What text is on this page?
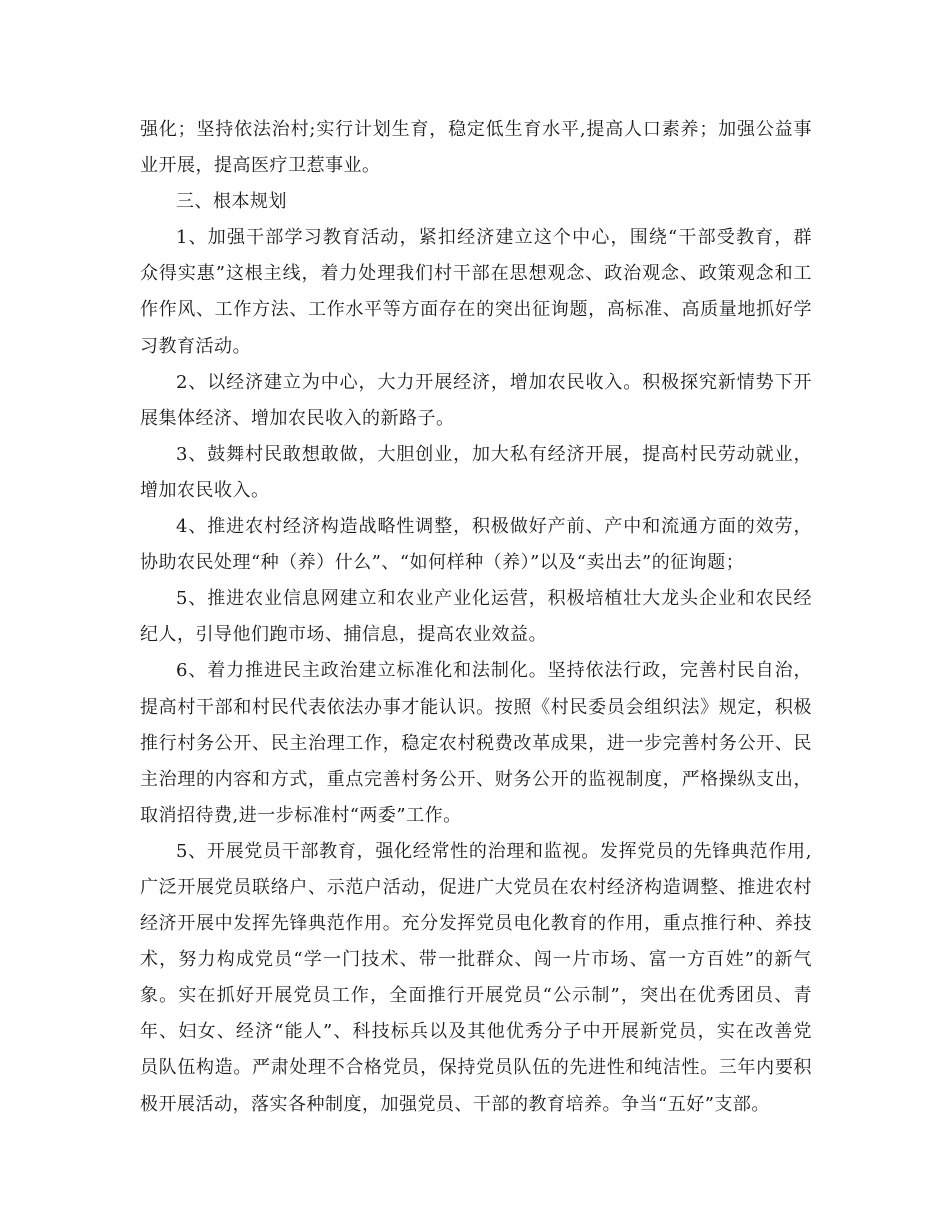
强化；坚持依法治村;实行计划生育，稳定低生育水平,提高人口素养；加强公益事
业开展，提高医疗卫惹事业。
三、根本规划
1、加强干部学习教育活动，紧扣经济建立这个中心，围绕“干部受教育，群
众得实惠”这根主线，着力处理我们村干部在思想观念、政治观念、政策观念和工
作作风、工作方法、工作水平等方面存在的突出征询题，高标准、高质量地抓好学
习教育活动。
2、以经济建立为中心，大力开展经济，增加农民收入。积极探究新情势下开
展集体经济、增加农民收入的新路子。
3、鼓舞村民敢想敢做，大胆创业，加大私有经济开展，提高村民劳动就业，
增加农民收入。
4、推进农村经济构造战略性调整，积极做好产前、产中和流通方面的效劳，
协助农民处理“种（养）什么”、“如何样种（养）”以及“卖出去”的征询题；
5、推进农业信息网建立和农业产业化运营，积极培植壮大龙头企业和农民经
纪人，引导他们跑市场、捕信息，提高农业效益。
6、着力推进民主政治建立标准化和法制化。坚持依法行政，完善村民自治，
提高村干部和村民代表依法办事才能认识。按照《村民委员会组织法》规定，积极
推行村务公开、民主治理工作，稳定农村税费改革成果，进一步完善村务公开、民
主治理的内容和方式，重点完善村务公开、财务公开的监视制度，严格操纵支出，
取消招待费,进一步标准村“两委”工作。
5、开展党员干部教育，强化经常性的治理和监视。发挥党员的先锋典范作用,
广泛开展党员联络户、示范户活动，促进广大党员在农村经济构造调整、推进农村
经济开展中发挥先锋典范作用。充分发挥党员电化教育的作用，重点推行种、养技
术，努力构成党员“学一门技术、带一批群众、闯一片市场、富一方百姓”的新气
象。实在抓好开展党员工作，全面推行开展党员“公示制”，突出在优秀团员、青
年、妇女、经济“能人”、科技标兵以及其他优秀分子中开展新党员，实在改善党
员队伍构造。严肃处理不合格党员，保持党员队伍的先进性和纯洁性。三年内要积
极开展活动，落实各种制度，加强党员、干部的教育培养。争当“五好”支部。
